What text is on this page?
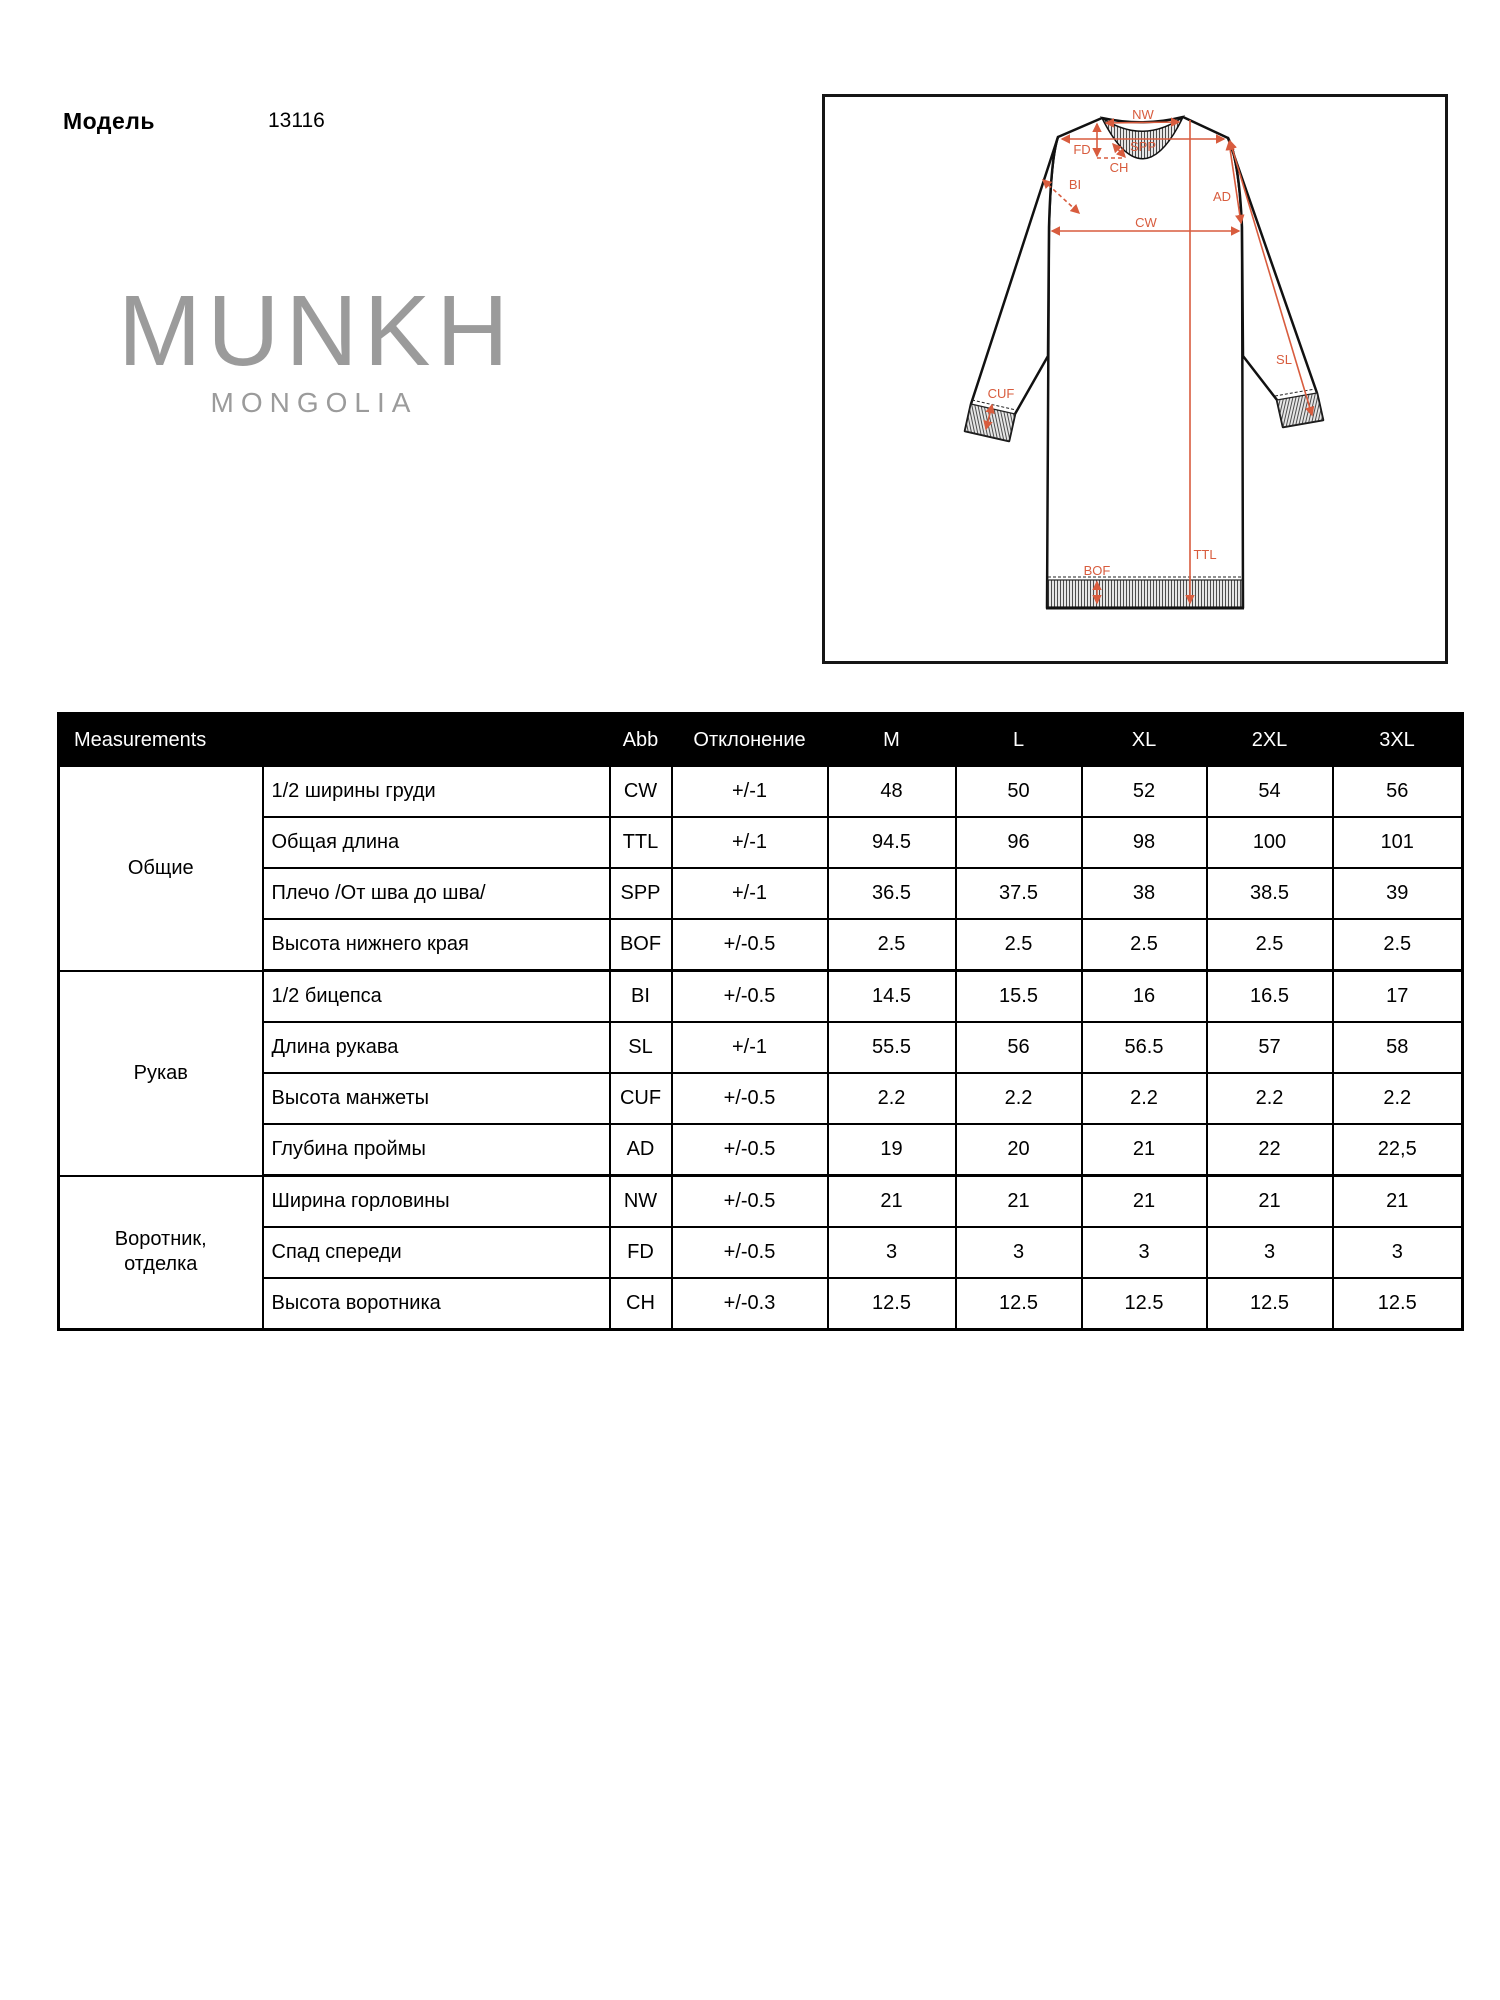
Модель	13116
MUNKH
MONGOLIA
NW
SPP
FD
CH
BI
CW
AD
SL
TTL
BOF
CUF
Measurements		Abb	Отклонение	M	L	XL	2XL	3XL
Общие	1/2 ширины груди	CW	+/-1	48	50	52	54	56
	Общая длина	TTL	+/-1	94.5	96	98	100	101
	Плечо /От шва до шва/	SPP	+/-1	36.5	37.5	38	38.5	39
	Высота нижнего края	BOF	+/-0.5	2.5	2.5	2.5	2.5	2.5
Рукав	1/2 бицепса	BI	+/-0.5	14.5	15.5	16	16.5	17
	Длина рукава	SL	+/-1	55.5	56	56.5	57	58
	Высота манжеты	CUF	+/-0.5	2.2	2.2	2.2	2.2	2.2
	Глубина проймы	AD	+/-0.5	19	20	21	22	22,5
Воротник, отделка	Ширина горловины	NW	+/-0.5	21	21	21	21	21
	Спад спереди	FD	+/-0.5	3	3	3	3	3
	Высота воротника	CH	+/-0.3	12.5	12.5	12.5	12.5	12.5
